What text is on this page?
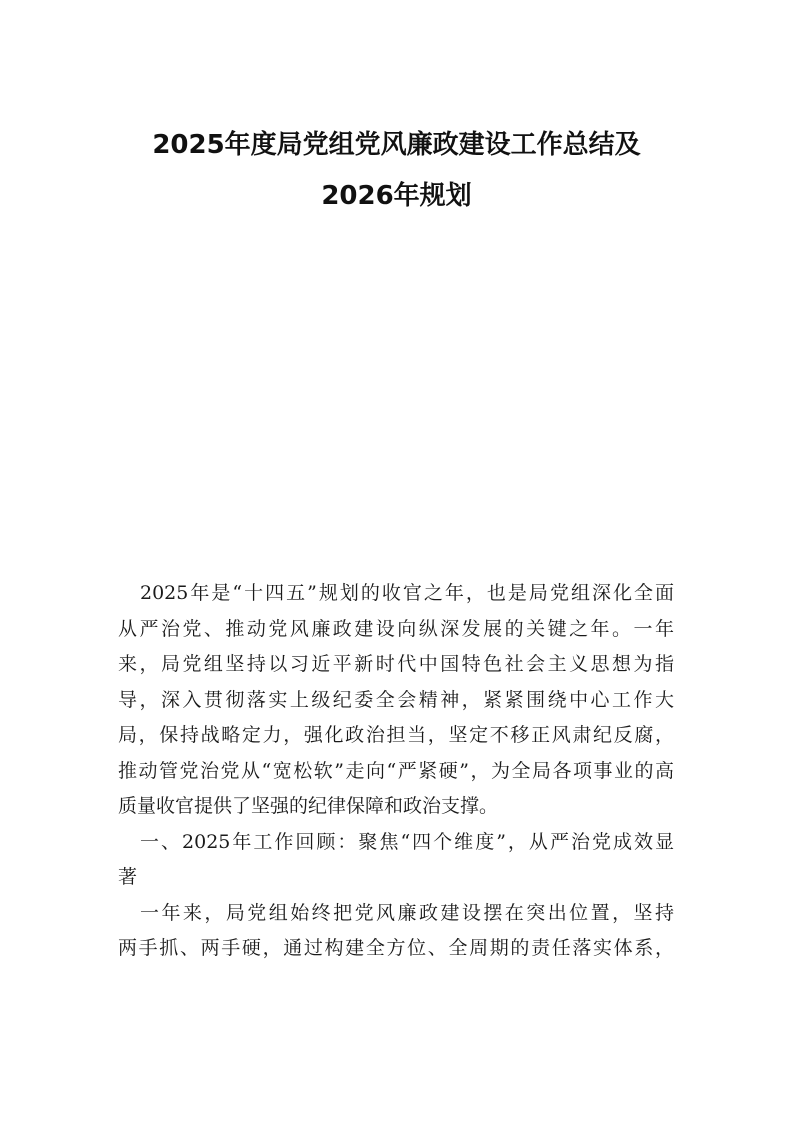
2025年度局党组党风廉政建设工作总结及
2026年规划
2025年是“十四五”规划的收官之年，也是局党组深化全面
从严治党、推动党风廉政建设向纵深发展的关键之年。一年
来，局党组坚持以习近平新时代中国特色社会主义思想为指
导，深入贯彻落实上级纪委全会精神，紧紧围绕中心工作大
局，保持战略定力，强化政治担当，坚定不移正风肃纪反腐，
推动管党治党从“宽松软”走向“严紧硬”，为全局各项事业的高
质量收官提供了坚强的纪律保障和政治支撑。
一、2025年工作回顾：聚焦“四个维度”，从严治党成效显
著
一年来，局党组始终把党风廉政建设摆在突出位置，坚持
两手抓、两手硬，通过构建全方位、全周期的责任落实体系，
